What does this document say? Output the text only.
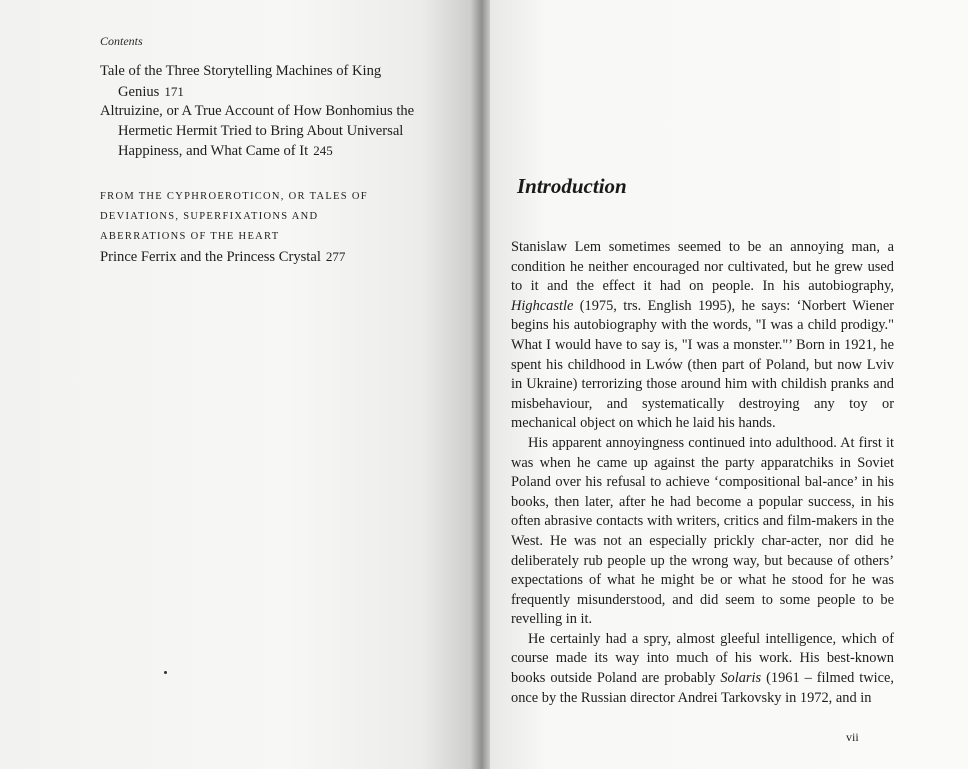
Contents

Tale of the Three Storytelling Machines of King Genius 171

Altruizine, or A True Account of How Bonhomius the Hermetic Hermit Tried to Bring About Universal Happiness, and What Came of It 245

FROM THE CYPHROEROTICON, OR TALES OF
DEVIATIONS, SUPERFIXATIONS AND
ABERRATIONS OF THE HEART

Prince Ferrix and the Princess Crystal 277

Introduction

Stanislaw Lem sometimes seemed to be an annoying man, a condition he neither encouraged nor cultivated, but he grew used to it and the effect it had on people. In his autobiography, Highcastle (1975, trs. English 1995), he says: ‘Norbert Wiener begins his autobiography with the words, "I was a child prodigy." What I would have to say is, "I was a monster."’ Born in 1921, he spent his childhood in Lwów (then part of Poland, but now Lviv in Ukraine) terrorizing those around him with childish pranks and misbehaviour, and systematically destroying any toy or mechanical object on which he laid his hands.

His apparent annoyingness continued into adulthood. At first it was when he came up against the party apparatchiks in Soviet Poland over his refusal to achieve ‘compositional bal-ance’ in his books, then later, after he had become a popular success, in his often abrasive contacts with writers, critics and film-makers in the West. He was not an especially prickly char-acter, nor did he deliberately rub people up the wrong way, but because of others’ expectations of what he might be or what he stood for he was frequently misunderstood, and did seem to some people to be revelling in it.

He certainly had a spry, almost gleeful intelligence, which of course made its way into much of his work. His best-known books outside Poland are probably Solaris (1961 – filmed twice, once by the Russian director Andrei Tarkovsky in 1972, and in

vii
